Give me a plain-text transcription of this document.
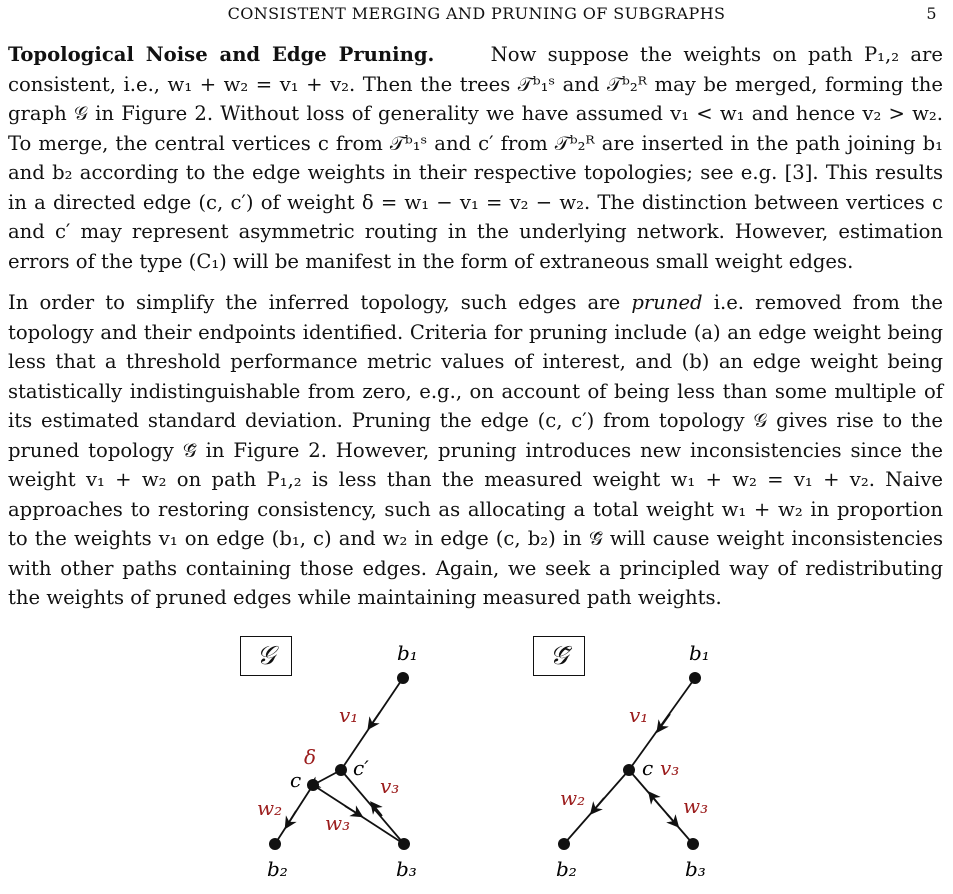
CONSISTENT MERGING AND PRUNING OF SUBGRAPHS	5

Topological Noise and Edge Pruning.	Now suppose the weights on path P₁,₂ are consistent, i.e., w₁ + w₂ = v₁ + v₂. Then the trees 𝒯ᵇ₁ˢ and 𝒯ᵇ₂ᴿ may be merged, forming the graph 𝒢 in Figure 2. Without loss of generality we have assumed v₁ < w₁ and hence v₂ > w₂. To merge, the central vertices c from 𝒯ᵇ₁ˢ and c′ from 𝒯ᵇ₂ᴿ are inserted in the path joining b₁ and b₂ according to the edge weights in their respective topologies; see e.g. [3]. This results in a directed edge (c, c′) of weight δ = w₁ − v₁ = v₂ − w₂. The distinction between vertices c and c′ may represent asymmetric routing in the underlying network. However, estimation errors of the type (C₁) will be manifest in the form of extraneous small weight edges.

In order to simplify the inferred topology, such edges are pruned i.e. removed from the topology and their endpoints identified. Criteria for pruning include (a) an edge weight being less that a threshold performance metric values of interest, and (b) an edge weight being statistically indistinguishable from zero, e.g., on account of being less than some multiple of its estimated standard deviation. Pruning the edge (c, c′) from topology 𝒢 gives rise to the pruned topology 𝒢̃ in Figure 2. However, pruning introduces new inconsistencies since the weight v₁ + w₂ on path P₁,₂ is less than the measured weight w₁ + w₂ = v₁ + v₂. Naive approaches to restoring consistency, such as allocating a total weight w₁ + w₂ in proportion to the weights v₁ on edge (b₁, c) and w₂ in edge (c, b₂) in 𝒢̃ will cause weight inconsistencies with other paths containing those edges. Again, we seek a principled way of redistributing the weights of pruned edges while maintaining measured path weights.

𝒢	𝒢̃
b₁
c′
c
b₂	b₃
v₁
δ
v₃
w₂
w₃
b₁
c
b₂	b₃
v₁
v₃
w₂	w₃
